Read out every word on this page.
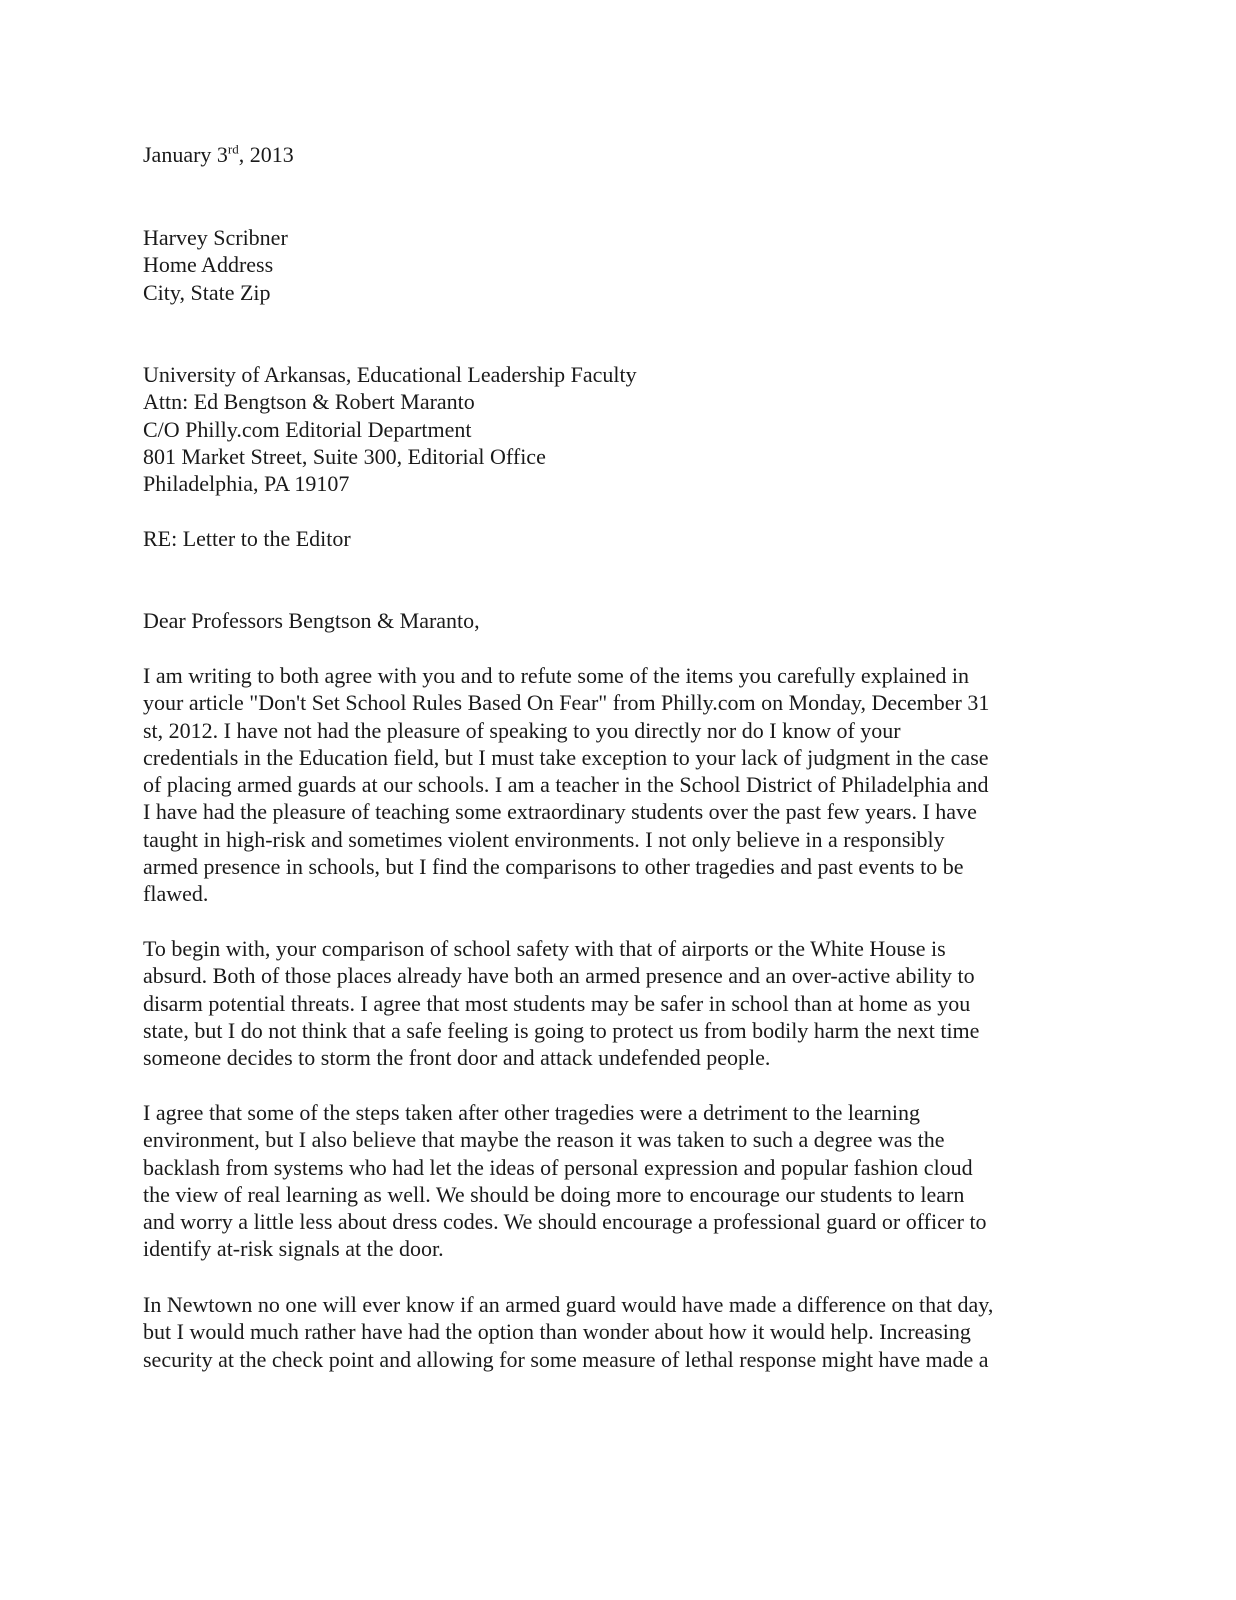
January 3rd, 2013
Harvey Scribner
Home Address
City, State Zip
University of Arkansas, Educational Leadership Faculty
Attn: Ed Bengtson & Robert Maranto
C/O Philly.com Editorial Department
801 Market Street, Suite 300, Editorial Office
Philadelphia, PA 19107
RE: Letter to the Editor
Dear Professors Bengtson & Maranto,
I am writing to both agree with you and to refute some of the items you carefully explained in
your article "Don't Set School Rules Based On Fear" from Philly.com on Monday, December 31
st, 2012. I have not had the pleasure of speaking to you directly nor do I know of your
credentials in the Education field, but I must take exception to your lack of judgment in the case
of placing armed guards at our schools. I am a teacher in the School District of Philadelphia and
I have had the pleasure of teaching some extraordinary students over the past few years. I have
taught in high-risk and sometimes violent environments. I not only believe in a responsibly
armed presence in schools, but I find the comparisons to other tragedies and past events to be
flawed.
To begin with, your comparison of school safety with that of airports or the White House is
absurd. Both of those places already have both an armed presence and an over-active ability to
disarm potential threats. I agree that most students may be safer in school than at home as you
state, but I do not think that a safe feeling is going to protect us from bodily harm the next time
someone decides to storm the front door and attack undefended people.
I agree that some of the steps taken after other tragedies were a detriment to the learning
environment, but I also believe that maybe the reason it was taken to such a degree was the
backlash from systems who had let the ideas of personal expression and popular fashion cloud
the view of real learning as well. We should be doing more to encourage our students to learn
and worry a little less about dress codes. We should encourage a professional guard or officer to
identify at-risk signals at the door.
In Newtown no one will ever know if an armed guard would have made a difference on that day,
but I would much rather have had the option than wonder about how it would help. Increasing
security at the check point and allowing for some measure of lethal response might have made a
